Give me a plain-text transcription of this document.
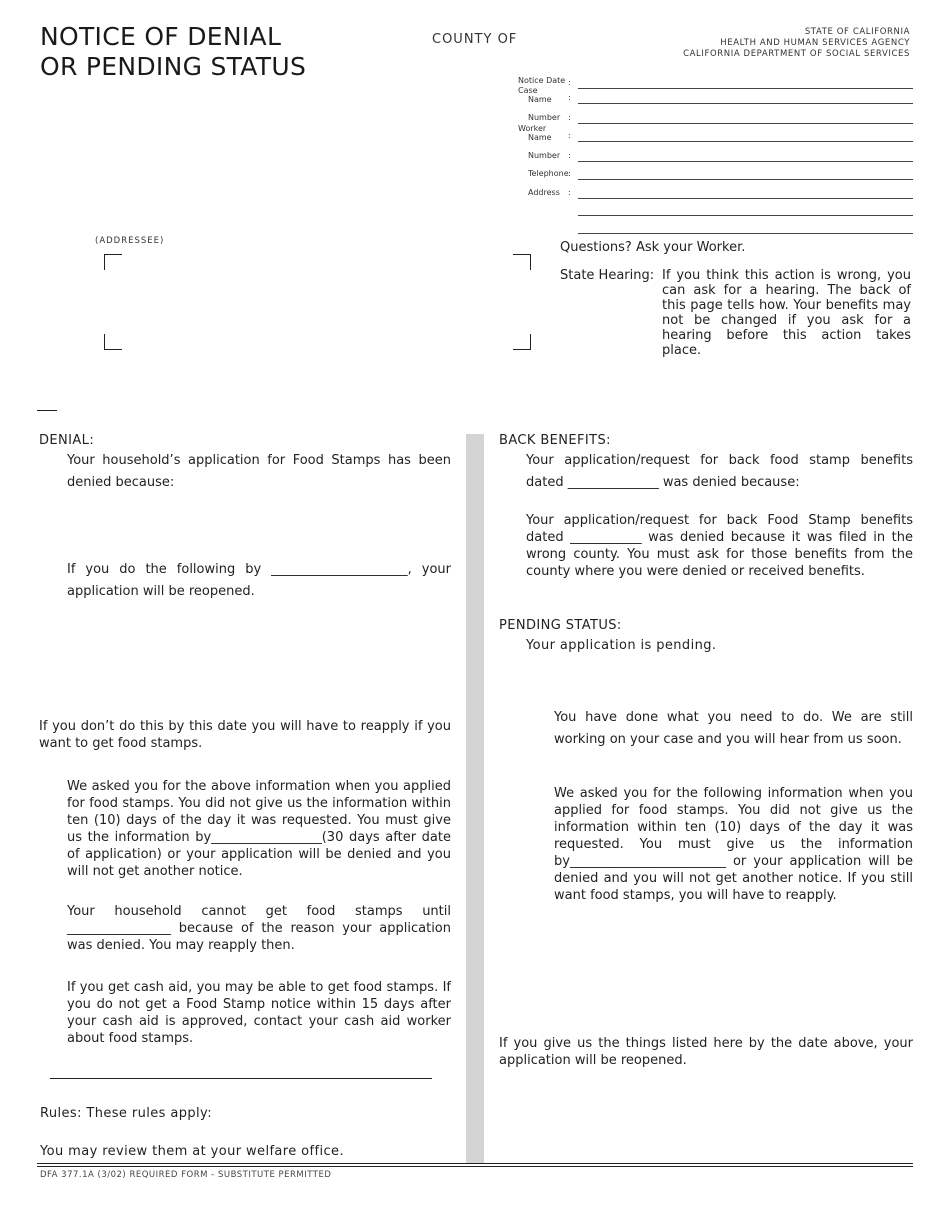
NOTICE OF DENIAL
OR PENDING STATUS
COUNTY OF	STATE OF CALIFORNIA
HEALTH AND HUMAN SERVICES AGENCY
CALIFORNIA DEPARTMENT OF SOCIAL SERVICES
Notice Date :
Case
Name :
Number :
Worker
Name :
Number :
Telephone :
Address :
(ADDRESSEE)	Questions? Ask your Worker.
State Hearing: If you think this action is wrong, you can ask for a hearing. The back of this page tells how. Your benefits may not be changed if you ask for a hearing before this action takes place.
DENIAL:
Your household’s application for Food Stamps has been denied because:
If you do the following by _____________________, your application will be reopened.
If you don’t do this by this date you will have to reapply if you want to get food stamps.
We asked you for the above information when you applied for food stamps. You did not give us the information within ten (10) days of the day it was requested. You must give us the information by_________________(30 days after date of application) or your application will be denied and you will not get another notice.
Your household cannot get food stamps until ________________ because of the reason your application was denied. You may reapply then.
If you get cash aid, you may be able to get food stamps. If you do not get a Food Stamp notice within 15 days after your cash aid is approved, contact your cash aid worker about food stamps.
Rules: These rules apply:
You may review them at your welfare office.
BACK BENEFITS:
Your application/request for back food stamp benefits dated ______________ was denied because:
Your application/request for back Food Stamp benefits dated ___________ was denied because it was filed in the wrong county. You must ask for those benefits from the county where you were denied or received benefits.
PENDING STATUS:
Your application is pending.
You have done what you need to do. We are still working on your case and you will hear from us soon.
We asked you for the following information when you applied for food stamps. You did not give us the information within ten (10) days of the day it was requested. You must give us the information by________________________ or your application will be denied and you will not get another notice. If you still want food stamps, you will have to reapply.
If you give us the things listed here by the date above, your application will be reopened.
DFA 377.1A (3/02) REQUIRED FORM - SUBSTITUTE PERMITTED
